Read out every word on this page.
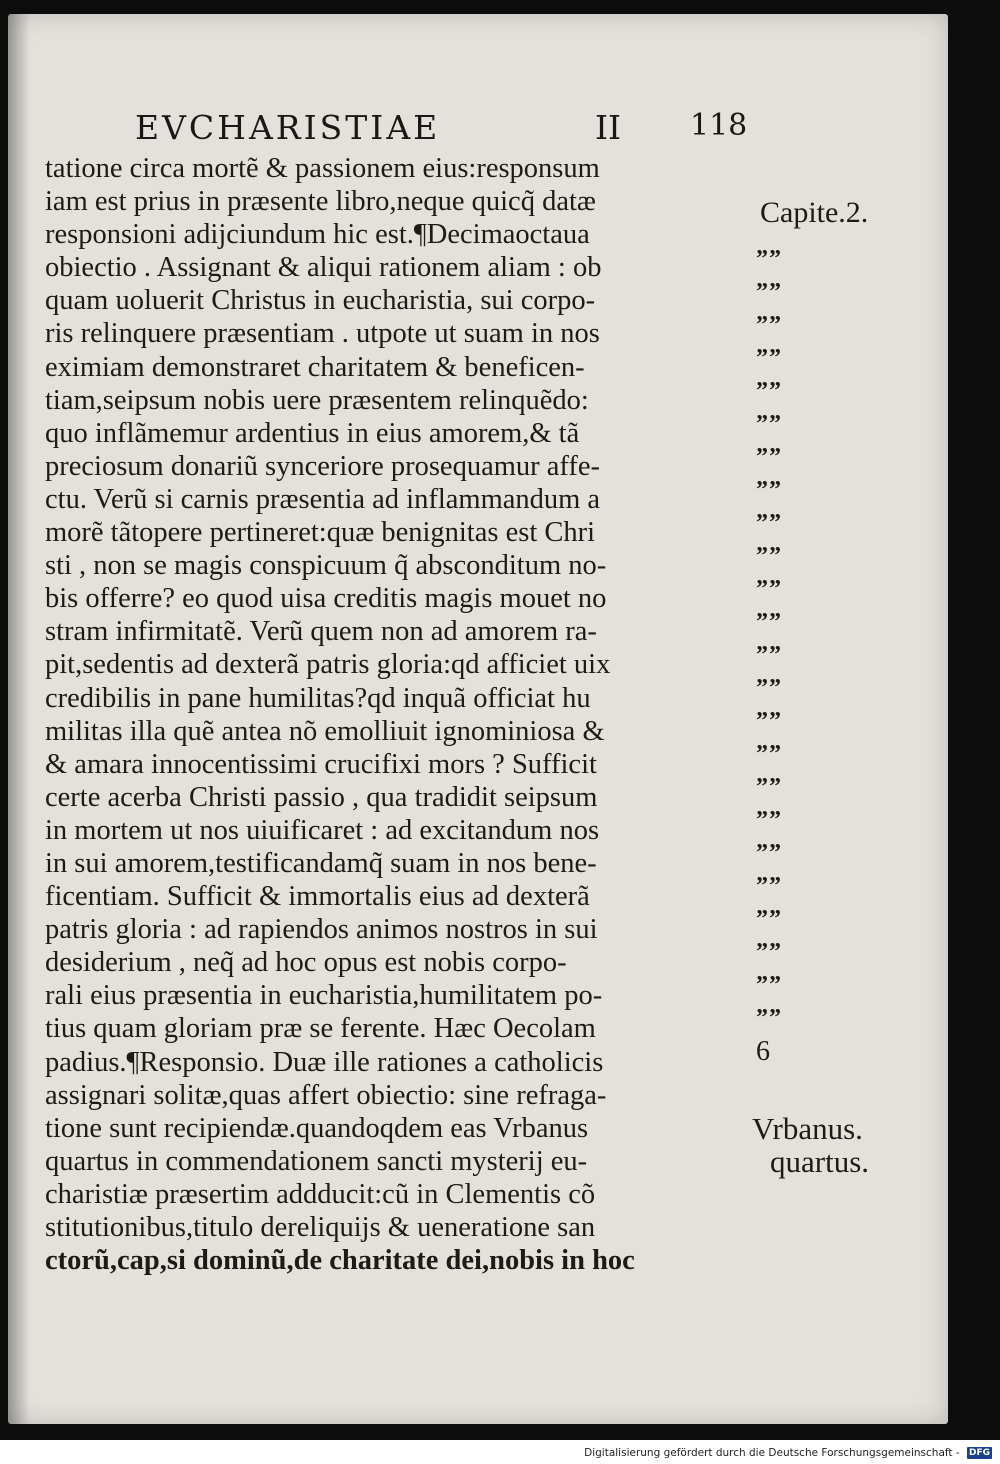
EVCHARISTIAE	II 118
tatione circa mortẽ & passionem eius:responsum
iam est prius in præsente libro,neque quicq̃ datæ
responsioni adijciundum hic est.¶Decimaoctaua
obiectio . Assignant & aliqui rationem aliam : ob
quam uoluerit Christus in eucharistia, sui corpo-
ris relinquere præsentiam . utpote ut suam in nos
eximiam demonstraret charitatem & beneficen-
tiam,seipsum nobis uere præsentem relinquẽdo:
quo inflãmemur ardentius in eius amorem,& tã
preciosum donariũ synceriore prosequamur affe-
ctu. Verũ si carnis præsentia ad inflammandum a
morẽ tãtopere pertineret:quæ benignitas est Chri
sti , non se magis conspicuum q̃ absconditum no-
bis offerre? eo quod uisa creditis magis mouet no
stram infirmitatẽ. Verũ quem non ad amorem ra-
pit,sedentis ad dexterã patris gloria:qd afficiet uix
credibilis in pane humilitas?qd inquã officiat hu
militas illa quẽ antea nõ emolliuit ignominiosa &
& amara innocentissimi crucifixi mors ? Sufficit
certe acerba Christi passio , qua tradidit seipsum
in mortem ut nos uiuificaret : ad excitandum nos
in sui amorem,testificandamq̃ suam in nos bene-
ficentiam. Sufficit & immortalis eius ad dexterã
patris gloria : ad rapiendos animos nostros in sui
desiderium , neq̃ ad hoc opus est nobis corpo-
rali eius præsentia in eucharistia,humilitatem po-
tius quam gloriam præ se ferente. Hæc Oecolam
padius.¶Responsio. Duæ ille rationes a catholicis
assignari solitæ,quas affert obiectio: sine refraga-
tione sunt recipiendæ.quandoqdem eas Vrbanus
quartus in commendationem sancti mysterij eu-
charistiæ præsertim addducit:cũ in Clementis cõ
stitutionibus,titulo dereliquijs & ueneratione san
ctorũ,cap,si dominũ,de charitate dei,nobis in hoc
Capite.2.
””
””
””
””
””
””
””
””
””
””
””
””
””
””
””
””
””
””
””
””
””
””
””
””
6
Vrbanus.
quartus.
Digitalisierung gefördert durch die Deutsche Forschungsgemeinschaft - DFG
